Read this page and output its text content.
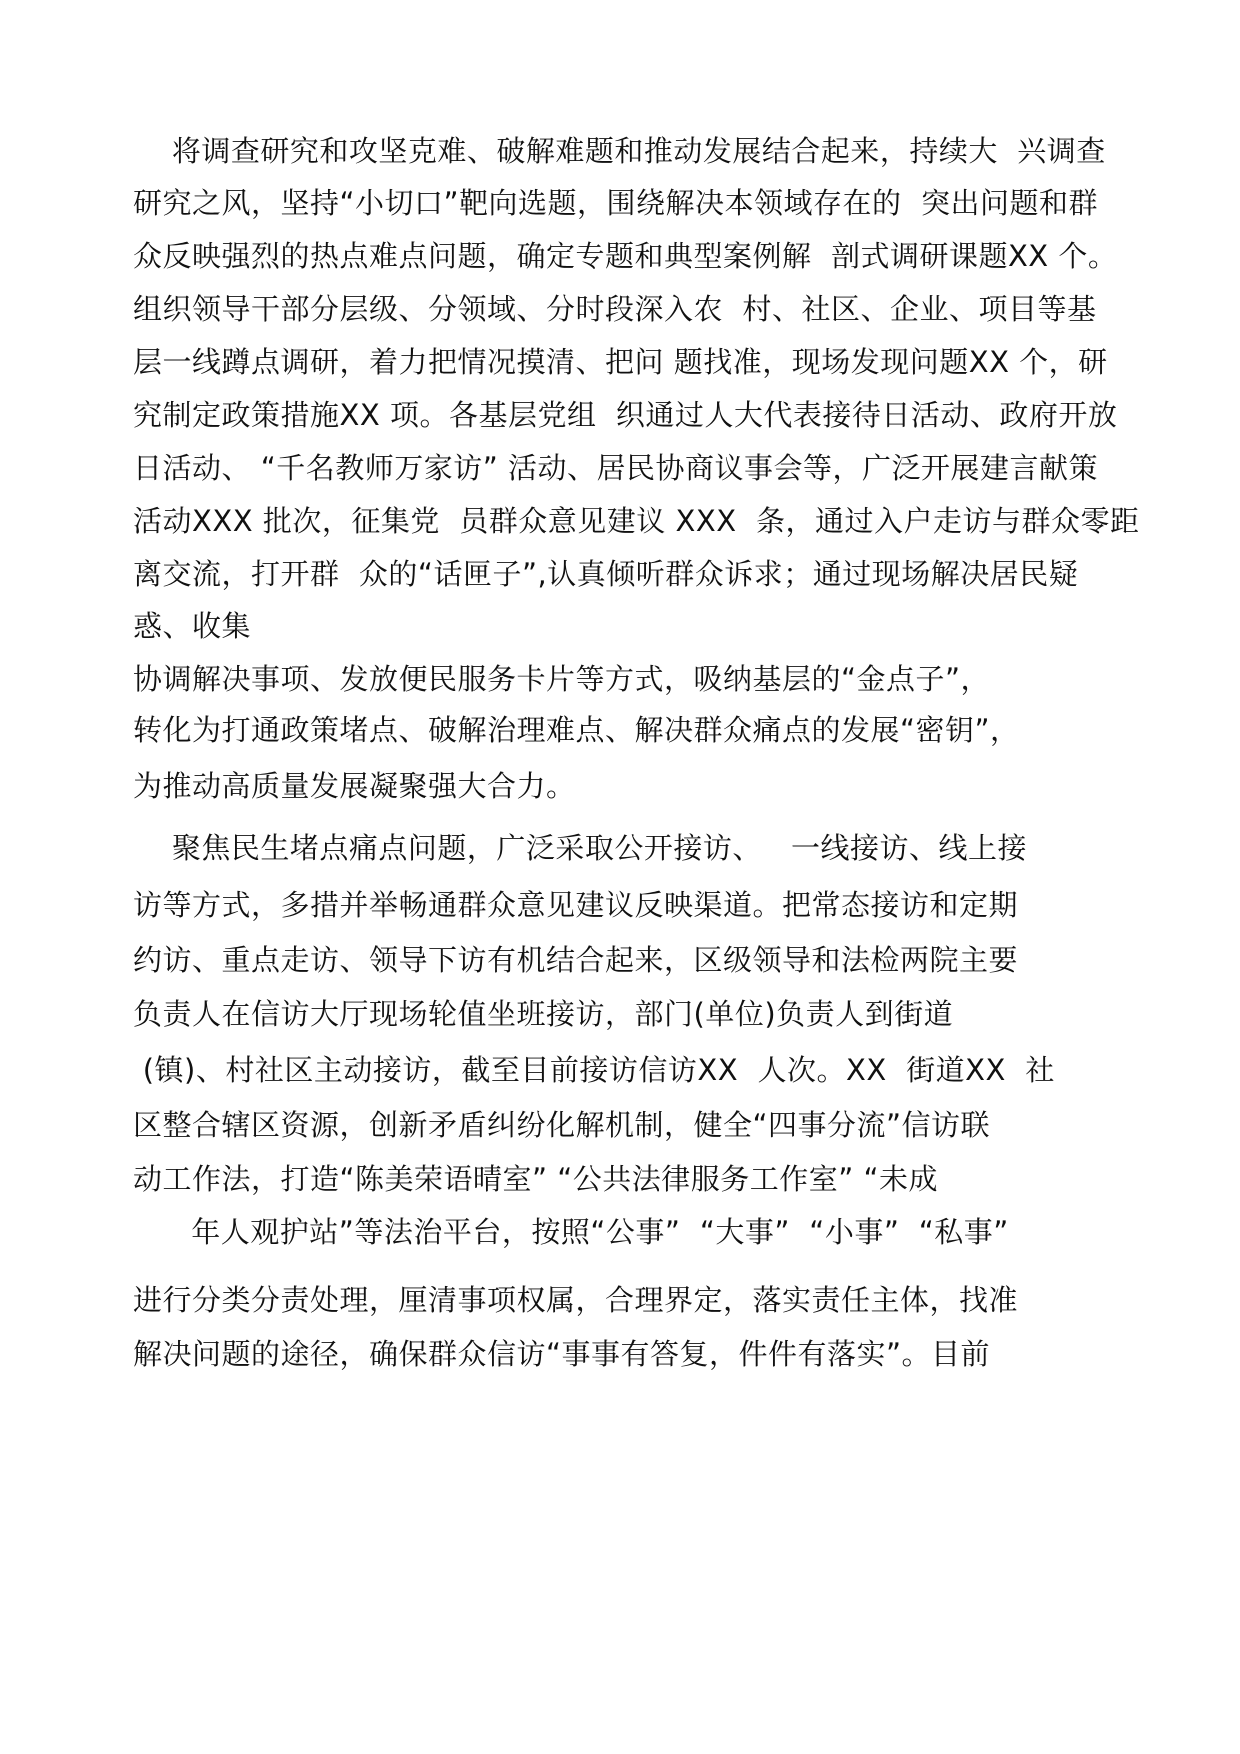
将调查研究和攻坚克难、破解难题和推动发展结合起来，持续大  兴调查
研究之风，坚持“小切口”靶向选题，围绕解决本领域存在的  突出问题和群
众反映强烈的热点难点问题，确定专题和典型案例解  剖式调研课题XX 个。
组织领导干部分层级、分领域、分时段深入农  村、社区、企业、项目等基
层一线蹲点调研，着力把情况摸清、把问 题找准，现场发现问题XX 个，研
究制定政策措施XX 项。各基层党组  织通过人大代表接待日活动、政府开放
日活动、 “千名教师万家访” 活动、居民协商议事会等，广泛开展建言献策
活动XXX 批次，征集党  员群众意见建议 XXX  条，通过入户走访与群众零距
离交流，打开群  众的“话匣子”,认真倾听群众诉求；通过现场解决居民疑
惑、收集
协调解决事项、发放便民服务卡片等方式，吸纳基层的“金点子”，
转化为打通政策堵点、破解治理难点、解决群众痛点的发展“密钥”，
为推动高质量发展凝聚强大合力。
聚焦民生堵点痛点问题，广泛采取公开接访、   一线接访、线上接
访等方式，多措并举畅通群众意见建议反映渠道。把常态接访和定期
约访、重点走访、领导下访有机结合起来，区级领导和法检两院主要
负责人在信访大厅现场轮值坐班接访，部门(单位)负责人到街道
(镇)、村社区主动接访，截至目前接访信访XX  人次。XX  街道XX  社
区整合辖区资源，创新矛盾纠纷化解机制，健全“四事分流”信访联
动工作法，打造“陈美荣语晴室” “公共法律服务工作室” “未成
年人观护站”等法治平台，按照“公事”  “大事”  “小事”  “私事”
进行分类分责处理，厘清事项权属，合理界定，落实责任主体，找准
解决问题的途径，确保群众信访“事事有答复，件件有落实”。目前
